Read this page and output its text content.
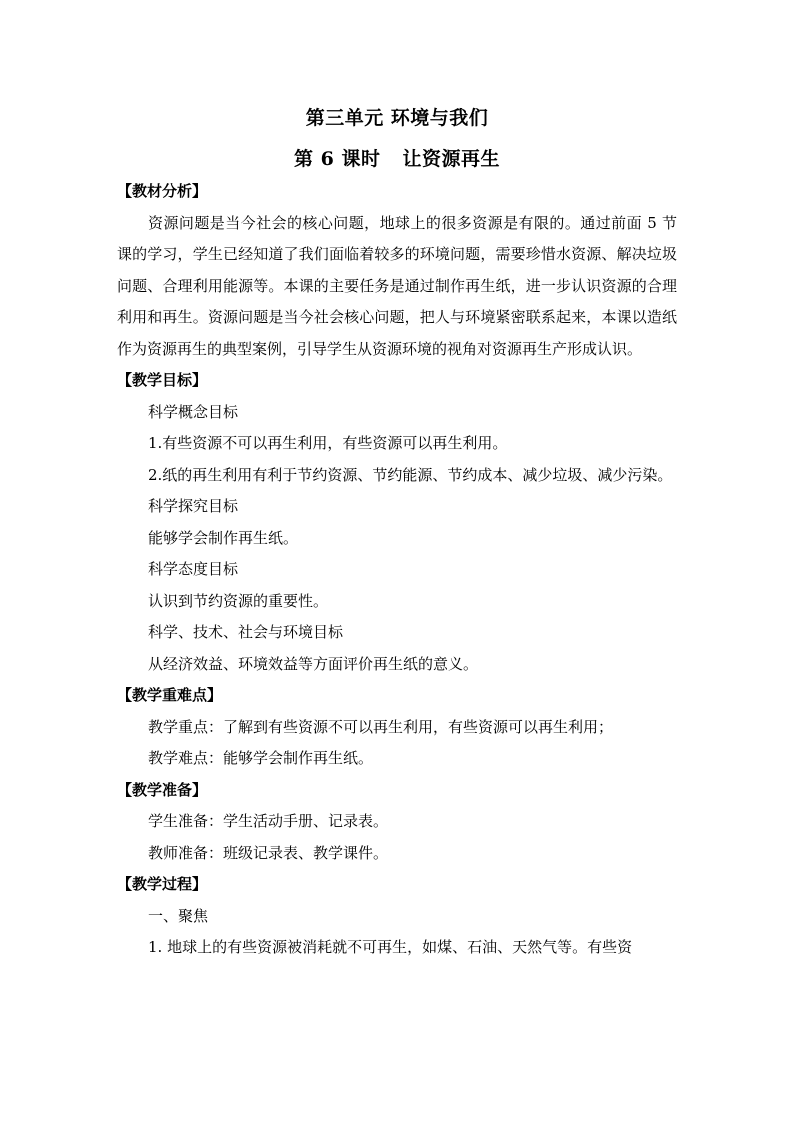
第三单元 环境与我们
第 6 课时 让资源再生

【教材分析】

资源问题是当今社会的核心问题，地球上的很多资源是有限的。通过前面 5 节课的学习，学生已经知道了我们面临着较多的环境问题，需要珍惜水资源、解决垃圾问题、合理利用能源等。本课的主要任务是通过制作再生纸，进一步认识资源的合理利用和再生。资源问题是当今社会核心问题，把人与环境紧密联系起来，本课以造纸作为资源再生的典型案例，引导学生从资源环境的视角对资源再生产形成认识。

【教学目标】

科学概念目标

1.有些资源不可以再生利用，有些资源可以再生利用。

2.纸的再生利用有利于节约资源、节约能源、节约成本、减少垃圾、减少污染。

科学探究目标

能够学会制作再生纸。

科学态度目标

认识到节约资源的重要性。

科学、技术、社会与环境目标

从经济效益、环境效益等方面评价再生纸的意义。

【教学重难点】

教学重点：了解到有些资源不可以再生利用，有些资源可以再生利用；

教学难点：能够学会制作再生纸。

【教学准备】

学生准备：学生活动手册、记录表。

教师准备：班级记录表、教学课件。

【教学过程】

一、聚焦

1. 地球上的有些资源被消耗就不可再生，如煤、石油、天然气等。有些资
